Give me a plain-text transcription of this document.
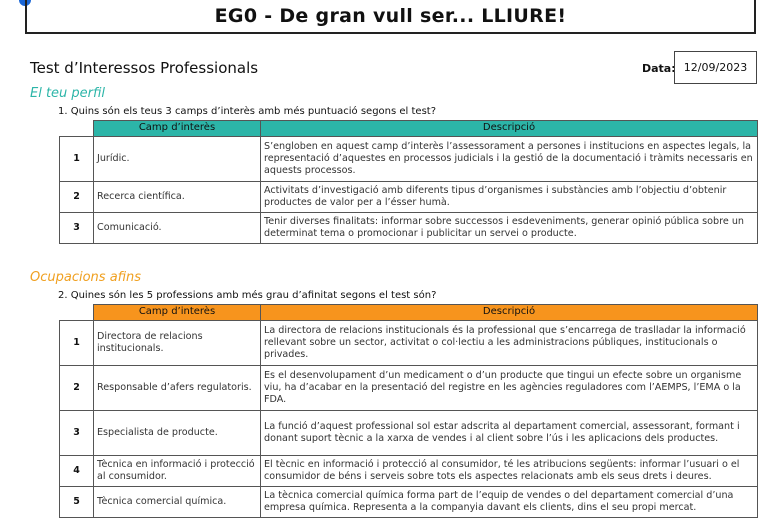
EG0 - De gran vull ser... LLIURE!
Test d’Interessos Professionals	Data: 12/09/2023
El teu perfil
1. Quins són els teus 3 camps d’interès amb més puntuació segons el test?
	Camp d’interès	Descripció
1	Jurídic.	S’engloben en aquest camp d’interès l’assessorament a persones i institucions en aspectes legals, la representació d’aquestes en processos judicials i la gestió de la documentació i tràmits necessaris en aquests processos.
2	Recerca científica.	Activitats d’investigació amb diferents tipus d’organismes i substàncies amb l’objectiu d’obtenir productes de valor per a l’ésser humà.
3	Comunicació.	Tenir diverses finalitats: informar sobre successos i esdeveniments, generar opinió pública sobre un determinat tema o promocionar i publicitar un servei o producte.
Ocupacions afins
2. Quines són les 5 professions amb més grau d’afinitat segons el test són?
	Camp d’interès	Descripció
1	Directora de relacions institucionals.	La directora de relacions institucionals és la professional que s’encarrega de traslladar la informació rellevant sobre un sector, activitat o col·lectiu a les administracions públiques, institucionals o privades.
2	Responsable d’afers regulatoris.	Es el desenvolupament d’un medicament o d’un producte que tingui un efecte sobre un organisme viu, ha d’acabar en la presentació del registre en les agències reguladores com l’AEMPS, l’EMA o la FDA.
3	Especialista de producte.	La funció d’aquest professional sol estar adscrita al departament comercial, assessorant, formant i donant suport tècnic a la xarxa de vendes i al client sobre l’ús i les aplicacions dels productes.
4	Tècnica en informació i protecció al consumidor.	El tècnic en informació i protecció al consumidor, té les atribucions següents: informar l’usuari o el consumidor de béns i serveis sobre tots els aspectes relacionats amb els seus drets i deures.
5	Tècnica comercial química.	La tècnica comercial química forma part de l’equip de vendes o del departament comercial d’una empresa química. Representa a la companyia davant els clients, dins el seu propi mercat.
